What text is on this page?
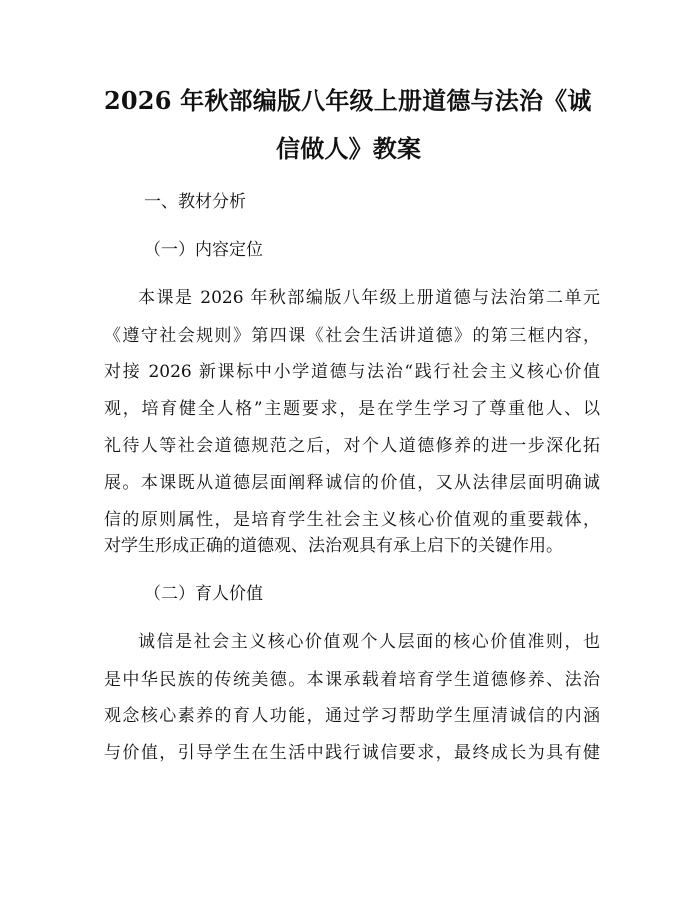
2026 年秋部编版八年级上册道德与法治《诚
信做人》教案
一、教材分析
（一）内容定位
本课是 2026 年秋部编版八年级上册道德与法治第二单元
《遵守社会规则》第四课《社会生活讲道德》的第三框内容，
对接 2026 新课标中小学道德与法治“践行社会主义核心价值
观，培育健全人格”主题要求，是在学生学习了尊重他人、以
礼待人等社会道德规范之后，对个人道德修养的进一步深化拓
展。本课既从道德层面阐释诚信的价值，又从法律层面明确诚
信的原则属性，是培育学生社会主义核心价值观的重要载体，
对学生形成正确的道德观、法治观具有承上启下的关键作用。
（二）育人价值
诚信是社会主义核心价值观个人层面的核心价值准则，也
是中华民族的传统美德。本课承载着培育学生道德修养、法治
观念核心素养的育人功能，通过学习帮助学生厘清诚信的内涵
与价值，引导学生在生活中践行诚信要求，最终成长为具有健
